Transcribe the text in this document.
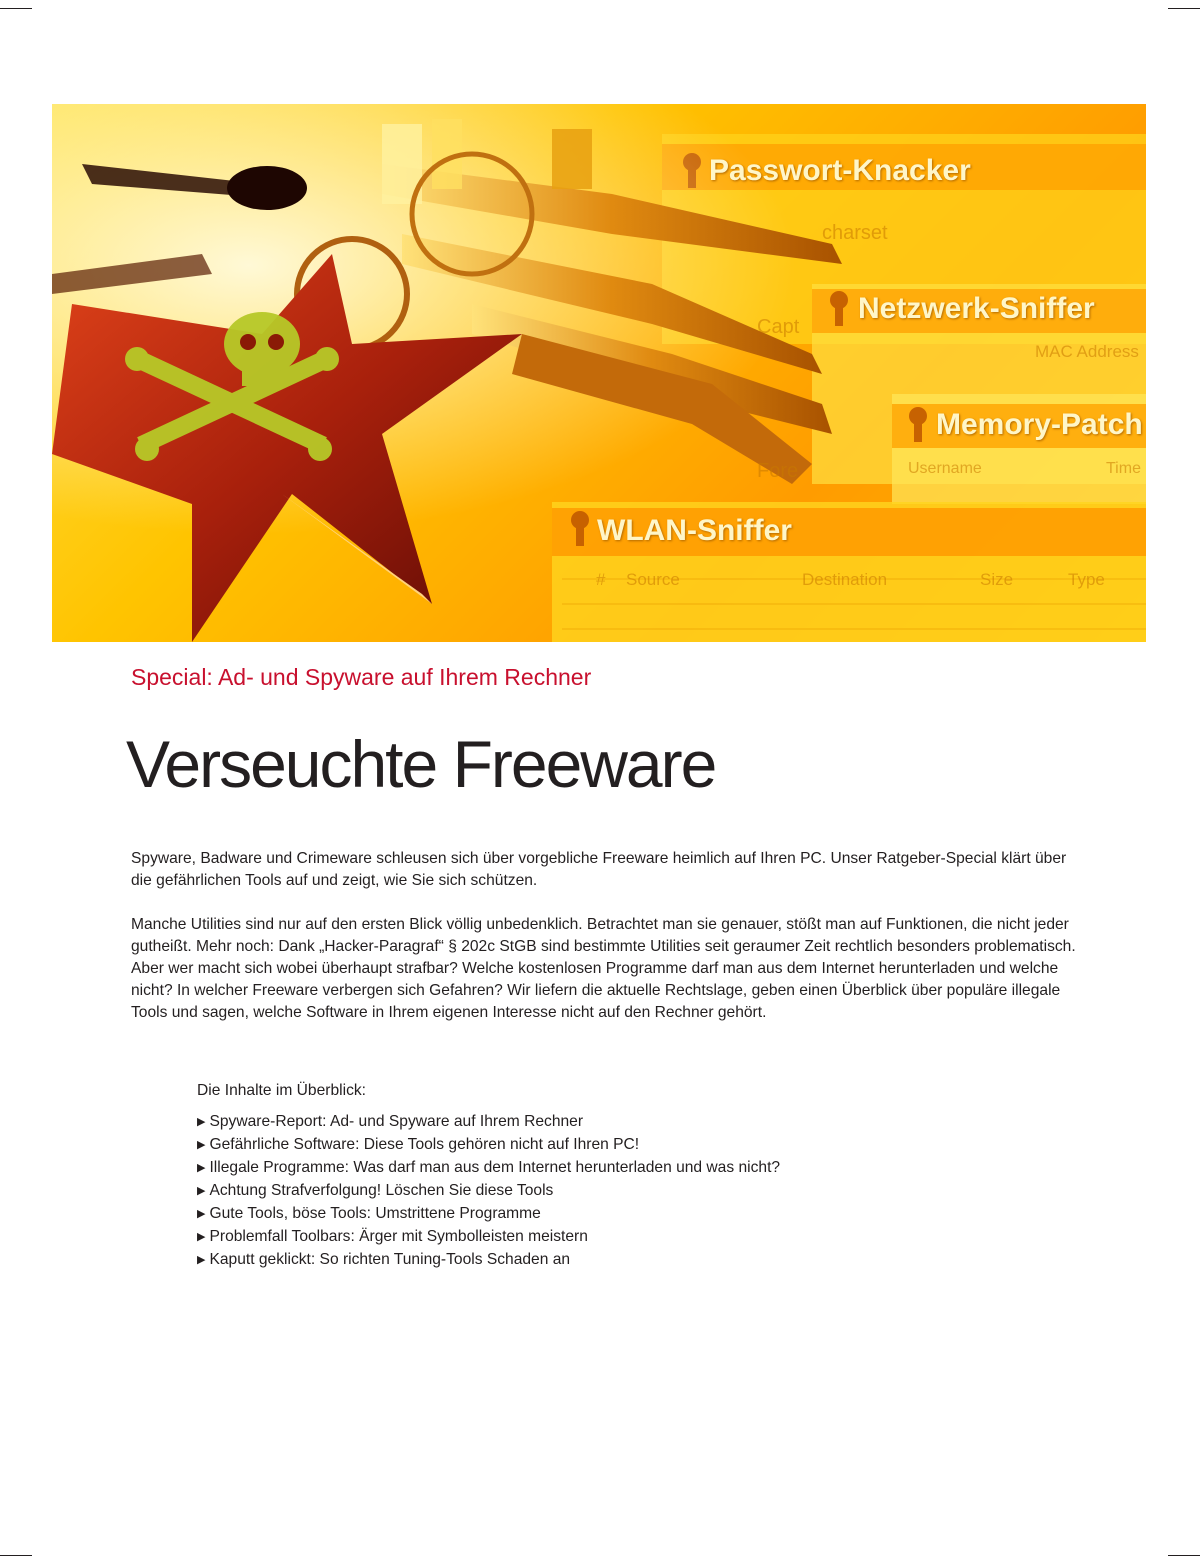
Passwort-Knacker
charset
Netzwerk-Sniffer
Capt
MAC Address
Memory-Patch
Fore	Username	Time
WLAN-Sniffer
# Source	Destination	Size	Type
Special: Ad- und Spyware auf Ihrem Rechner
Verseuchte Freeware

Spyware, Badware und Crimeware schleusen sich über vorgebliche Freeware heimlich auf Ihren PC. Unser Ratgeber-Special klärt über die gefährlichen Tools auf und zeigt, wie Sie sich schützen.

Manche Utilities sind nur auf den ersten Blick völlig unbedenklich. Betrachtet man sie genauer, stößt man auf Funktionen, die nicht jeder gutheißt. Mehr noch: Dank „Hacker-Paragraf“ § 202c StGB sind bestimmte Utilities seit geraumer Zeit rechtlich besonders problematisch. Aber wer macht sich wobei überhaupt strafbar? Welche kostenlosen Programme darf man aus dem Internet herunterladen und welche nicht? In welcher Freeware verbergen sich Gefahren? Wir liefern die aktuelle Rechtslage, geben einen Überblick über populäre illegale Tools und sagen, welche Software in Ihrem eigenen Interesse nicht auf den Rechner gehört.

Die Inhalte im Überblick:
▶ Spyware-Report: Ad- und Spyware auf Ihrem Rechner
▶ Gefährliche Software: Diese Tools gehören nicht auf Ihren PC!
▶ Illegale Programme: Was darf man aus dem Internet herunterladen und was nicht?
▶ Achtung Strafverfolgung! Löschen Sie diese Tools
▶ Gute Tools, böse Tools: Umstrittene Programme
▶ Problemfall Toolbars: Ärger mit Symbolleisten meistern
▶ Kaputt geklickt: So richten Tuning-Tools Schaden an
